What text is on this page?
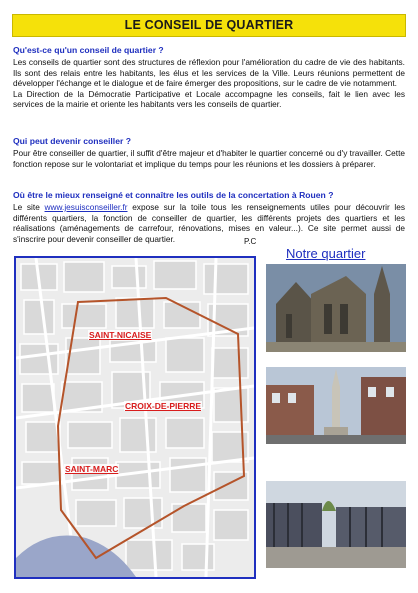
LE CONSEIL DE QUARTIER
Qu'est-ce qu'un conseil de quartier ?

Les conseils de quartier sont des structures de réflexion pour l'amélioration du cadre de vie des habitants. Ils sont des relais entre les habitants, les élus et les services de la Ville. Leurs réunions permettent de développer l'échange et le dialogue et de faire émerger des propositions, sur le cadre de vie notamment.

La Direction de la Démocratie Participative et Locale accompagne les conseils, fait le lien avec les services de la mairie et oriente les habitants vers les conseils de quartier.

Qui peut devenir conseiller ?

Pour être conseiller de quartier, il suffit d'être majeur et d'habiter le quartier concerné ou d'y travailler. Cette fonction repose sur le volontariat et implique du temps pour les réunions et les dossiers à préparer.

Où être le mieux renseigné et connaître les outils de la concertation à Rouen ?

Le site www.jesuisconseiller.fr expose sur la toile tous les renseignements utiles pour découvrir les différents quartiers, la fonction de conseiller de quartier, les différents projets des quartiers et les réalisations (aménagements de carrefour, rénovations, mises en valeur...). Ce site permet aussi de s'inscrire pour devenir conseiller de quartier.	P.C
Notre quartier
SAINT-NICAISE
CROIX-DE-PIERRE
SAINT-MARC
